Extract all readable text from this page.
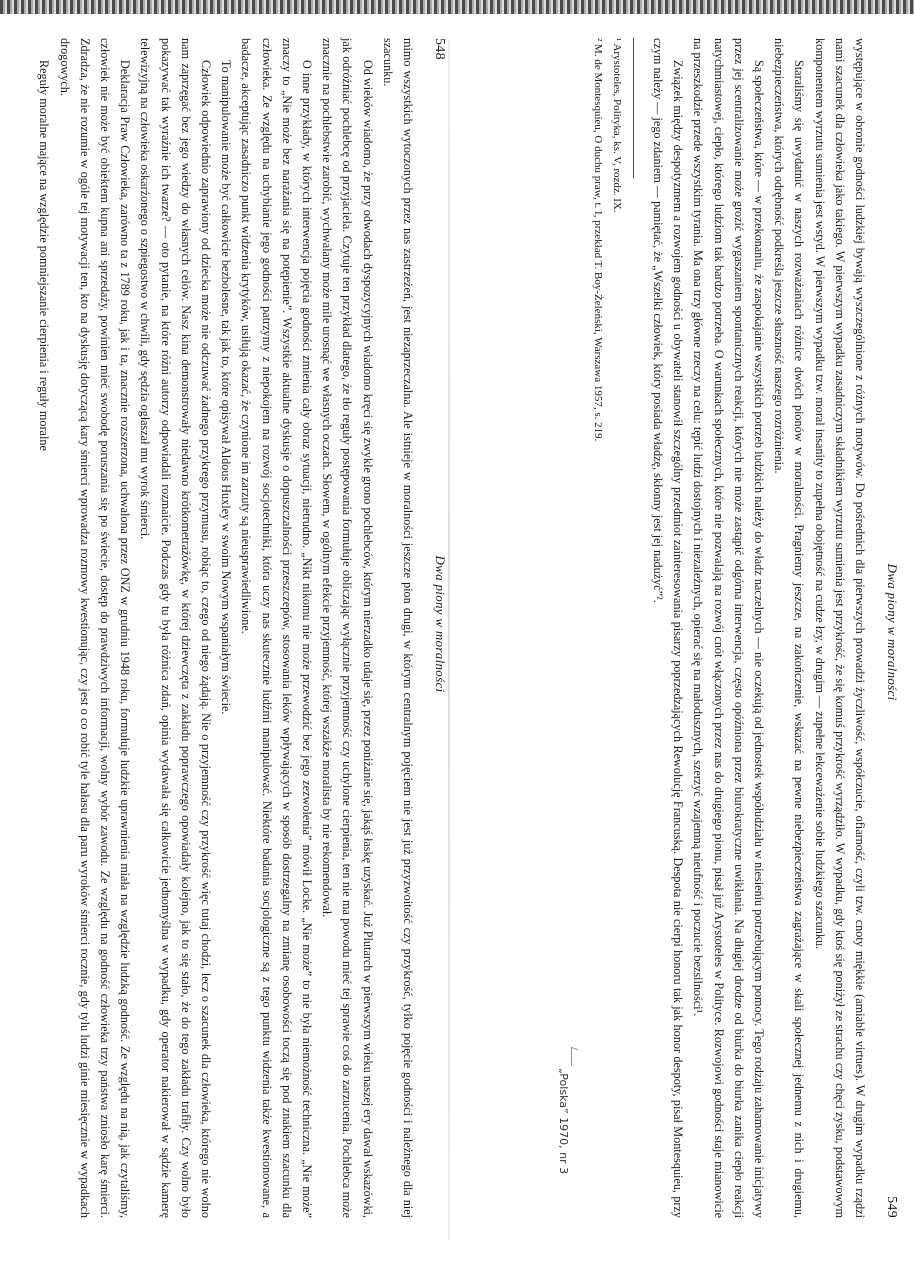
548
Dwa piony w moralności

mimo wszystkich wytoczonych przez nas zastrzeżeń, jest niezaprzeczalna. Ale istnieje w moralności jeszcze pion drugi, w którym centralnym pojęciem nie jest już przyzwoitość czy przykrość, tylko pojęcie godności i należnego dla niej szacunku.

Od wieków wiadomo, że przy odwodach dyspozycyjnych wiadomo kręci się zwykle grono pochlebców, którym nierzadko udaje się, przez poniżanie się, jakąś łaskę uzyskać. Już Plutarch w pierwszym wieku naszej ery dawał wskazówki, jak odróżniać pochlebcę od przyjaciela. Czytuje ten przykład dlatego, że tło reguły postępowania formułuje obliczając wyłącznie przyjemność czy uchylone cierpienia, ten nie ma powodu mieć tej sprawie coś do zarzucenia. Pochlebca może znacznie na pochlebstwie zarobić, wychwalany może mile urosnąć we własnych oczach. Słowem, w ogólnym efekcie przyjemność, której wszakże moralista by nie rekomendował.

O inne przykłady, w których interwencja pojęcia godności zmienia cały obraz sytuacji, nietrudno. „Nikt nikomu nie może przewodzić bez jego zezwolenia” mówił Locke. „Nie może” to nie była niemożność techniczna. „Nie może” znaczy to „Nie może bez narażania się na potępienie”. Wszystkie aktualne dyskusje o dopuszczalności przeszczepów, stosowania leków wpływających w sposób dostrzegalny na zmianę osobowości toczą się pod znakiem szacunku dla człowieka. Ze względu na uchybianie jego godności patrzymy z niepokojem na rozwój socjotechniki, która uczy nas skutecznie ludźmi manipulować. Niektóre badania socjologiczne są z tego punktu widzenia także kwestionowane, a badacze, akceptując zasadniczo punkt widzenia krytyków, usiłują okazać, że czynione im zarzuty są nieusprawiedliwione.

To manipulowanie może być całkowicie bezbolesne, tak jak to, które opisywał Aldous Huxley w swoim Nowym wspaniałym świecie.

Człowiek odpowiednio zaprawiony od dziecka może nie odczuwać żadnego przykrego przymusu, robiąc to, czego od niego żądają. Nie o przyjemność czy przykrość więc tutaj chodzi, lecz o szacunek dla człowieka, którego nie wolno nam zaprzęgać bez jego wiedzy do własnych celów. Nasz kina demonstrowały niedawno krótkometrażówkę, w której dziewczęta z zakładu poprawczego opowiadały kolejno, jak to się stało, że do tego zakładu trafiły. Czy wolno było pokazywać tak wyraźnie ich twarze? — oto pytanie, na które różni autorzy odpowiadali rozmaicie. Podczas gdy tu była różnica zdań, opinia wydawała się całkowicie jednomyślna w wypadku, gdy operator nakierował w sądzie kamerę telewizyjną na człowieka oskarżonego o szpiegostwo w chwili, gdy sędzia ogłaszał mu wyrok śmierci.

Deklaracja Praw Człowieka, zarówno ta z 1789 roku, jak i ta, znacznie rozszerzona, uchwalona przez ONZ w grudniu 1948 roku, formułuje ludzkie uprawnienia miała na względzie ludzką godność. Ze względu na nią, jak czytaliśmy, człowiek nie może być obiektem kupna ani sprzedaży, powinien mieć swobodę poruszania się po świecie, dostęp do prawdziwych informacji, wolny wybór zawodu. Ze względu na godność człowieka trzy państwa zniosło karę śmierci. Zdradza, że nie rozumie w ogóle tej motywacji ten, kto na dyskusję dotyczącą kary śmierci wprowadza rozmowy kwestionując, czy jest o co robić tyle hałasu dla paru wyroków śmierci rocznie, gdy tylu ludzi ginie miesięcznie w wypadkach drogowych.

Reguły moralne mające na względzie pomniejszanie cierpienia i reguły moralne

Dwa piony w moralności
549

występujące w obronie godności ludzkiej bywają wyszczególnione z różnych motywów. Do pośrednich dla pierwszych prowadzi życzliwość, współczucie, ofiarność, czyli tzw. cnoty miękkie (amiable virtues). W drugim wypadku rządzi nami szacunek dla człowieka jako takiego. W pierwszym wypadku zasadniczym składnikiem wyrzutu sumienia jest przykrość, że się komuś przykrość wyrządziło. W wypadku, gdy ktoś się poniżył ze strachu czy chęci zysku, podstawowym komponentem wyrzutu sumienia jest wstyd. W pierwszym wypadku tzw. moral insanity to zupełna obojętność na cudze łzy, w drugim — zupełne lekceważenie sobie ludzkiego szacunku.

Staraliśmy się uwydatnić w naszych rozważaniach różnice dwóch pionów w moralności. Pragniemy jeszcze, na zakończenie, wskazać na pewne niebezpieczeństwa zagrażające w skali społecznej jednemu z nich i drugiemu, niebezpieczeństwa, których odrębność podkreśla jeszcze słuszność naszego rozróżnienia.

Są społeczeństwa, które — w przekonaniu, że zaspokajanie wszystkich potrzeb ludzkich należy do władz naczelnych — nie oczekują od jednostek współudziału w niesieniu potrzebującym pomocy. Tego rodzaju zahamowanie inicjatywy przez jej scentralizowanie może grozić wygaszaniem spontanicznych reakcji, których nie może zastąpić odgórna interwencja, często opóźniona przez biurokratyczne uwikłania. Na długiej drodze od biurka do biurka zanika ciepło reakcji natychmiastowej, ciepło, którego ludziom tak bardzo potrzeba. O warunkach społecznych, które nie pozwalają na rozwój cnót włączonych przez nas do drugiego pionu, pisał już Arystoteles w Polityce. Rozwojowi godności staje mianowicie na przeszkodzie przede wszystkim tyrania. Ma ona trzy główne rzeczy na celu: tępić ludzi dostojnych i niezależnych, opierać się na małodusznych, szerzyć wzajemną nieufność i poczucie bezsilności¹.

Związek między despotyzmem a rozwojem godności u obywateli stanowił szczególny przedmiot zainteresowania pisarzy poprzedzających Rewolucję Francuską. Despota nie cierpi honoru tak jak honor despoty, pisał Montesquieu, przy czym należy — jego zdaniem — pamiętać, że „Wszelki człowiek, który posiada władzę, skłonny jest jej nadużyć”².

¹ Arystoteles, Polityka, ks. V, rozdz. IX.
² M. de Montesquieu, O duchu praw, t. I, przekład T. Boy-Żeleński, Warszawa 1957, s. 219.
„Polska” 1970, nr 3
